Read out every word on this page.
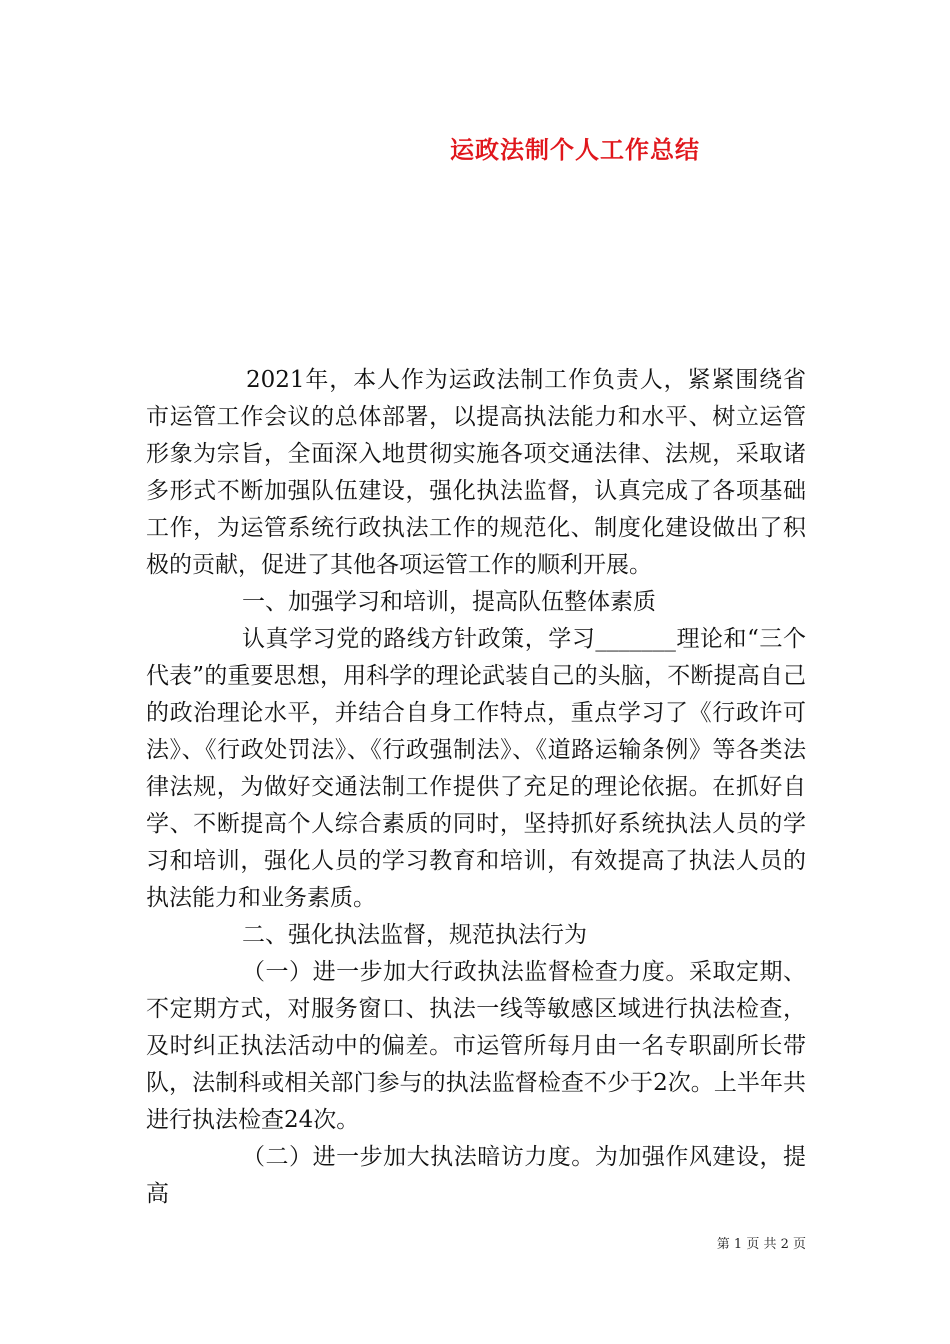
运政法制个人工作总结

2021年，本人作为运政法制工作负责人，紧紧围绕省市运管工作会议的总体部署，以提高执法能力和水平、树立运管形象为宗旨，全面深入地贯彻实施各项交通法律、法规，采取诸多形式不断加强队伍建设，强化执法监督，认真完成了各项基础工作，为运管系统行政执法工作的规范化、制度化建设做出了积极的贡献，促进了其他各项运管工作的顺利开展。

一、加强学习和培训，提高队伍整体素质

认真学习党的路线方针政策，学习_______理论和“三个代表”的重要思想，用科学的理论武装自己的头脑，不断提高自己的政治理论水平，并结合自身工作特点，重点学习了《行政许可法》、《行政处罚法》、《行政强制法》、《道路运输条例》等各类法律法规，为做好交通法制工作提供了充足的理论依据。在抓好自学、不断提高个人综合素质的同时，坚持抓好系统执法人员的学习和培训，强化人员的学习教育和培训，有效提高了执法人员的执法能力和业务素质。

二、强化执法监督，规范执法行为

（一）进一步加大行政执法监督检查力度。采取定期、不定期方式，对服务窗口、执法一线等敏感区域进行执法检查，及时纠正执法活动中的偏差。市运管所每月由一名专职副所长带队，法制科或相关部门参与的执法监督检查不少于2次。上半年共进行执法检查24次。

（二）进一步加大执法暗访力度。为加强作风建设，提高

第 1 页 共 2 页
